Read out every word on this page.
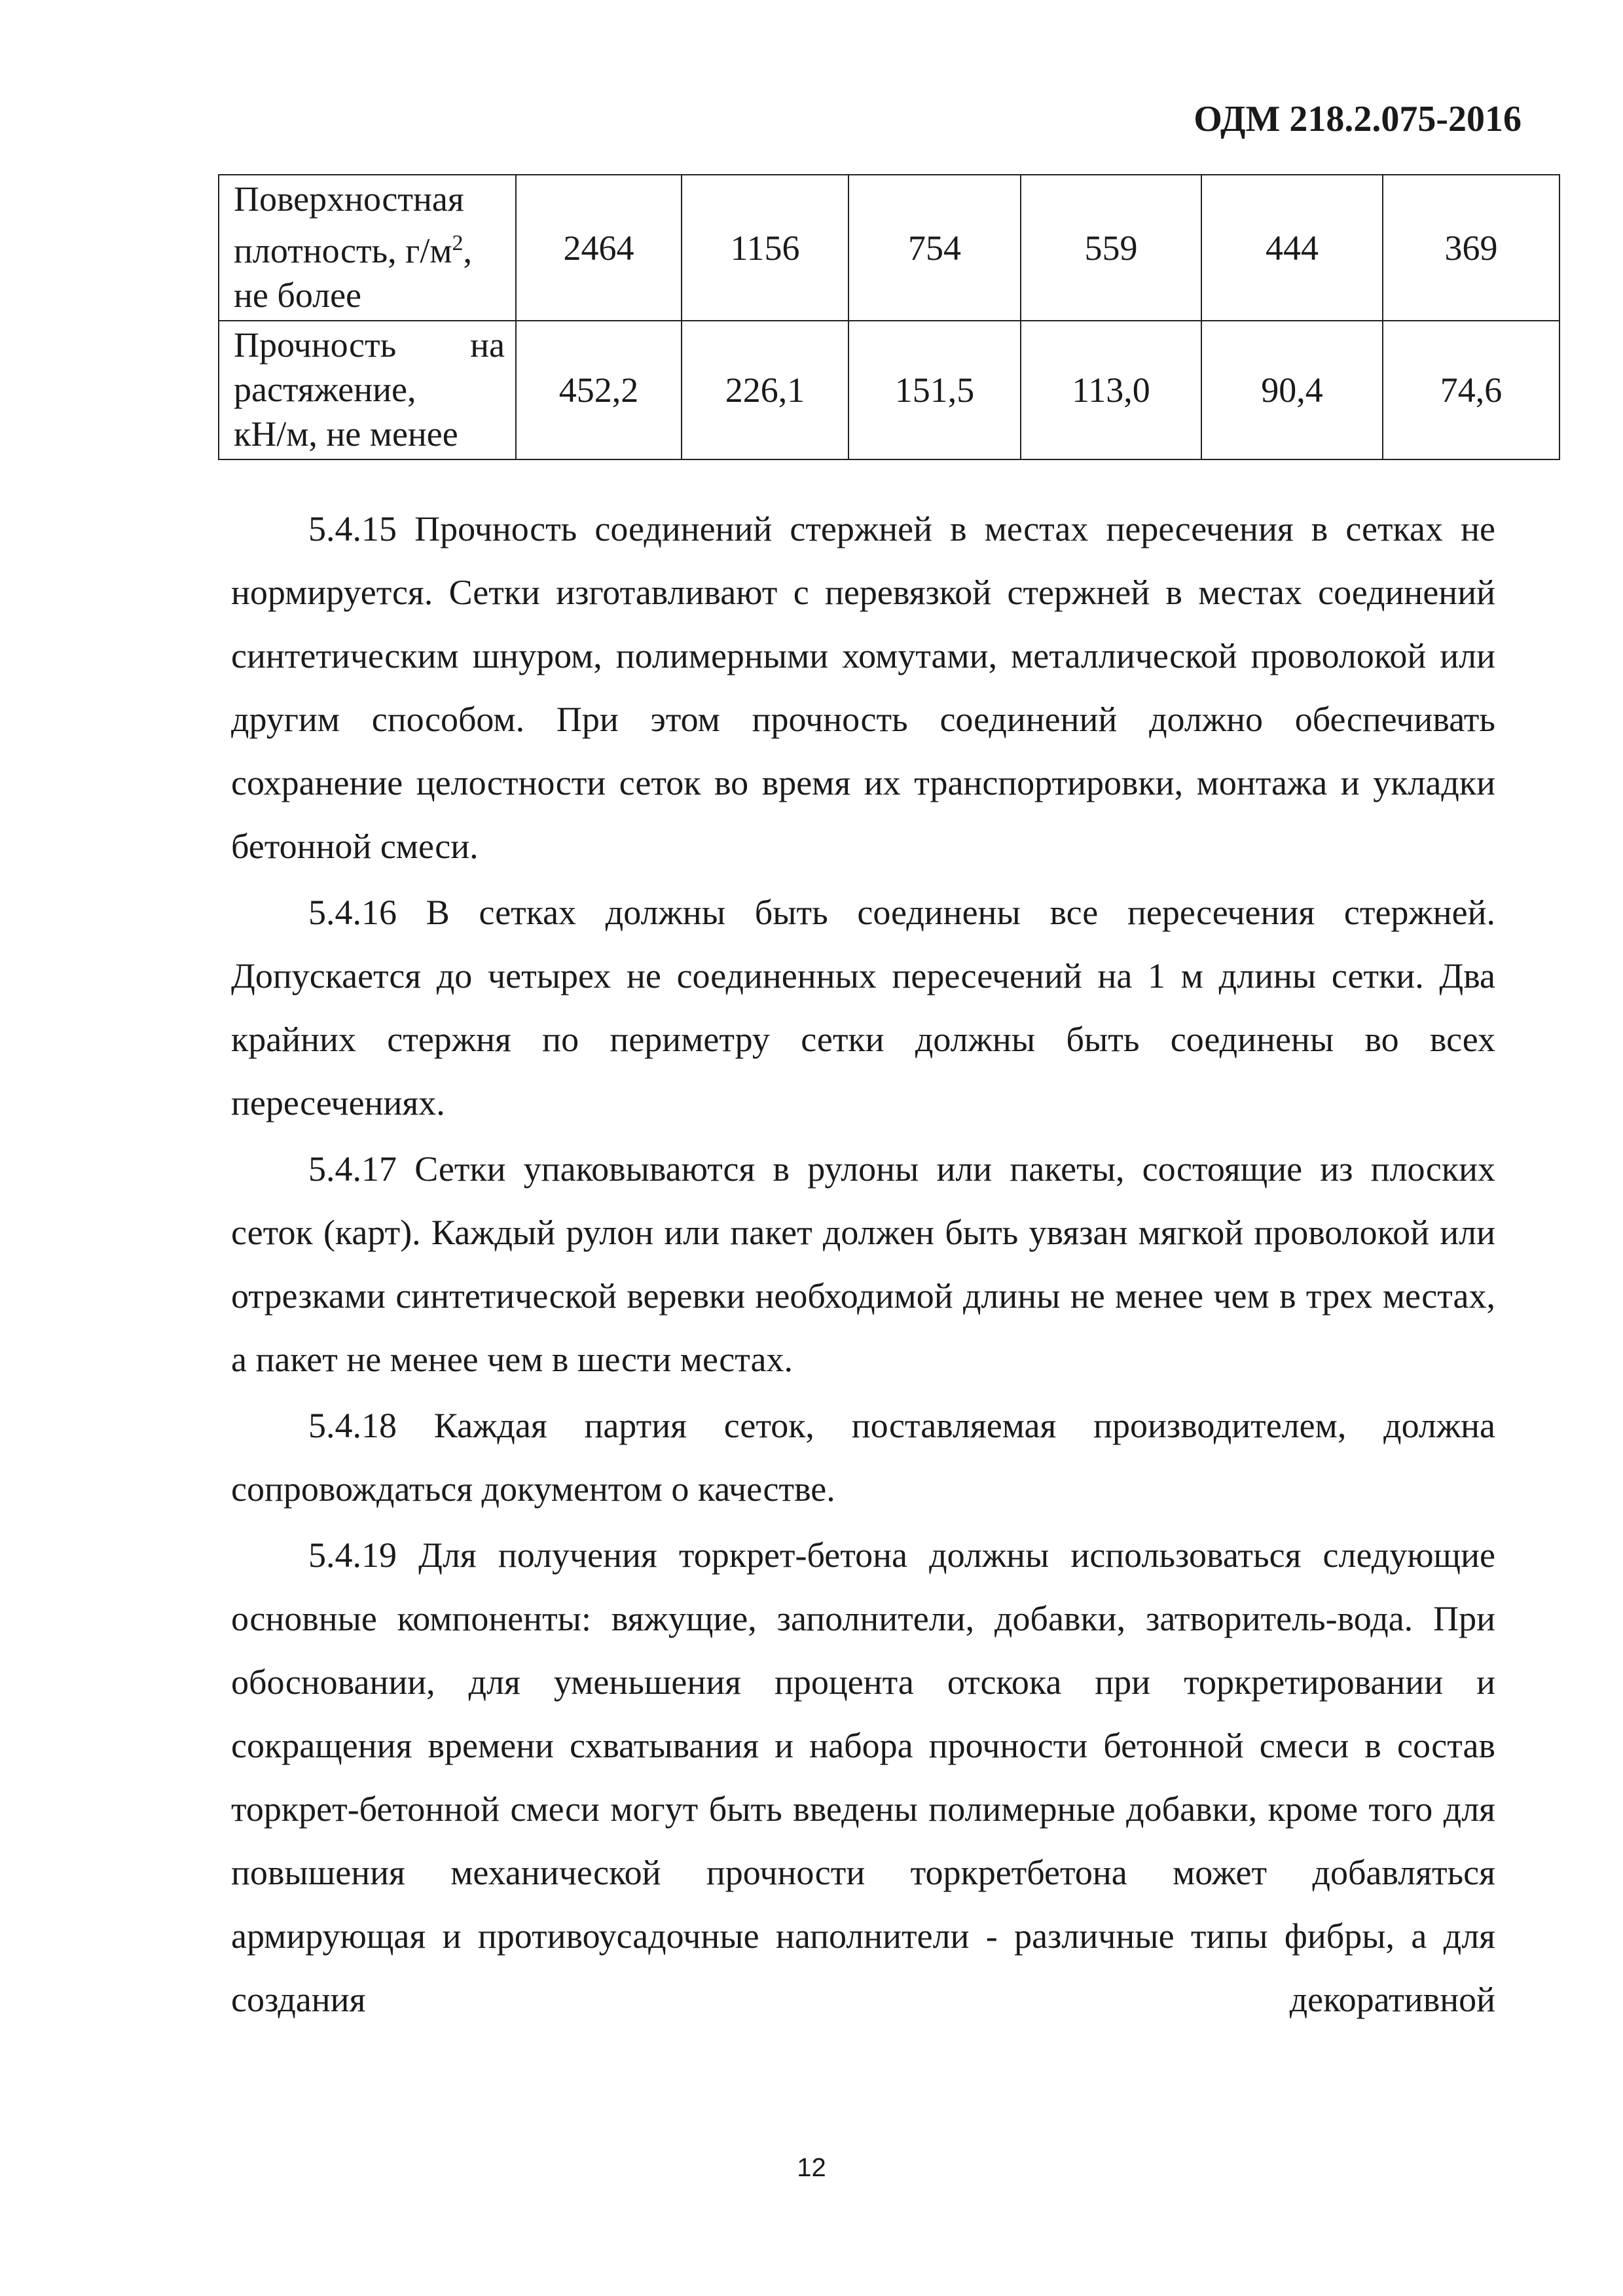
ОДМ 218.2.075-2016
Поверхностная
плотность, $г/м^2$,
не более	2464	1156	754	559	444	369

Прочность на
растяжение,
кН/м, не менее	452,2	226,1	151,5	113,0	90,4	74,6

5.4.15 Прочность соединений стержней в местах пересечения в сетках не нормируется. Сетки изготавливают с перевязкой стержней в местах соединений синтетическим шнуром, полимерными хомутами, металлической проволокой или другим способом. При этом прочность соединений должно обеспечивать сохранение целостности сеток во время их транспортировки, монтажа и укладки бетонной смеси.

5.4.16 В сетках должны быть соединены все пересечения стержней. Допускается до четырех не соединенных пересечений на 1 м длины сетки. Два крайних стержня по периметру сетки должны быть соединены во всех пересечениях.

5.4.17 Сетки упаковываются в рулоны или пакеты, состоящие из плоских сеток (карт). Каждый рулон или пакет должен быть увязан мягкой проволокой или отрезками синтетической веревки необходимой длины не менее чем в трех местах, а пакет не менее чем в шести местах.

5.4.18 Каждая партия сеток, поставляемая производителем, должна сопровождаться документом о качестве.

5.4.19 Для получения торкрет-бетона должны использоваться следующие основные компоненты: вяжущие, заполнители, добавки, затворитель-вода. При обосновании, для уменьшения процента отскока при торкретировании и сокращения времени схватывания и набора прочности бетонной смеси в состав торкрет-бетонной смеси могут быть введены полимерные добавки, кроме того для повышения механической прочности торкретбетона может добавляться армирующая и противоусадочные наполнители - различные типы фибры, а для создания декоративной

12
